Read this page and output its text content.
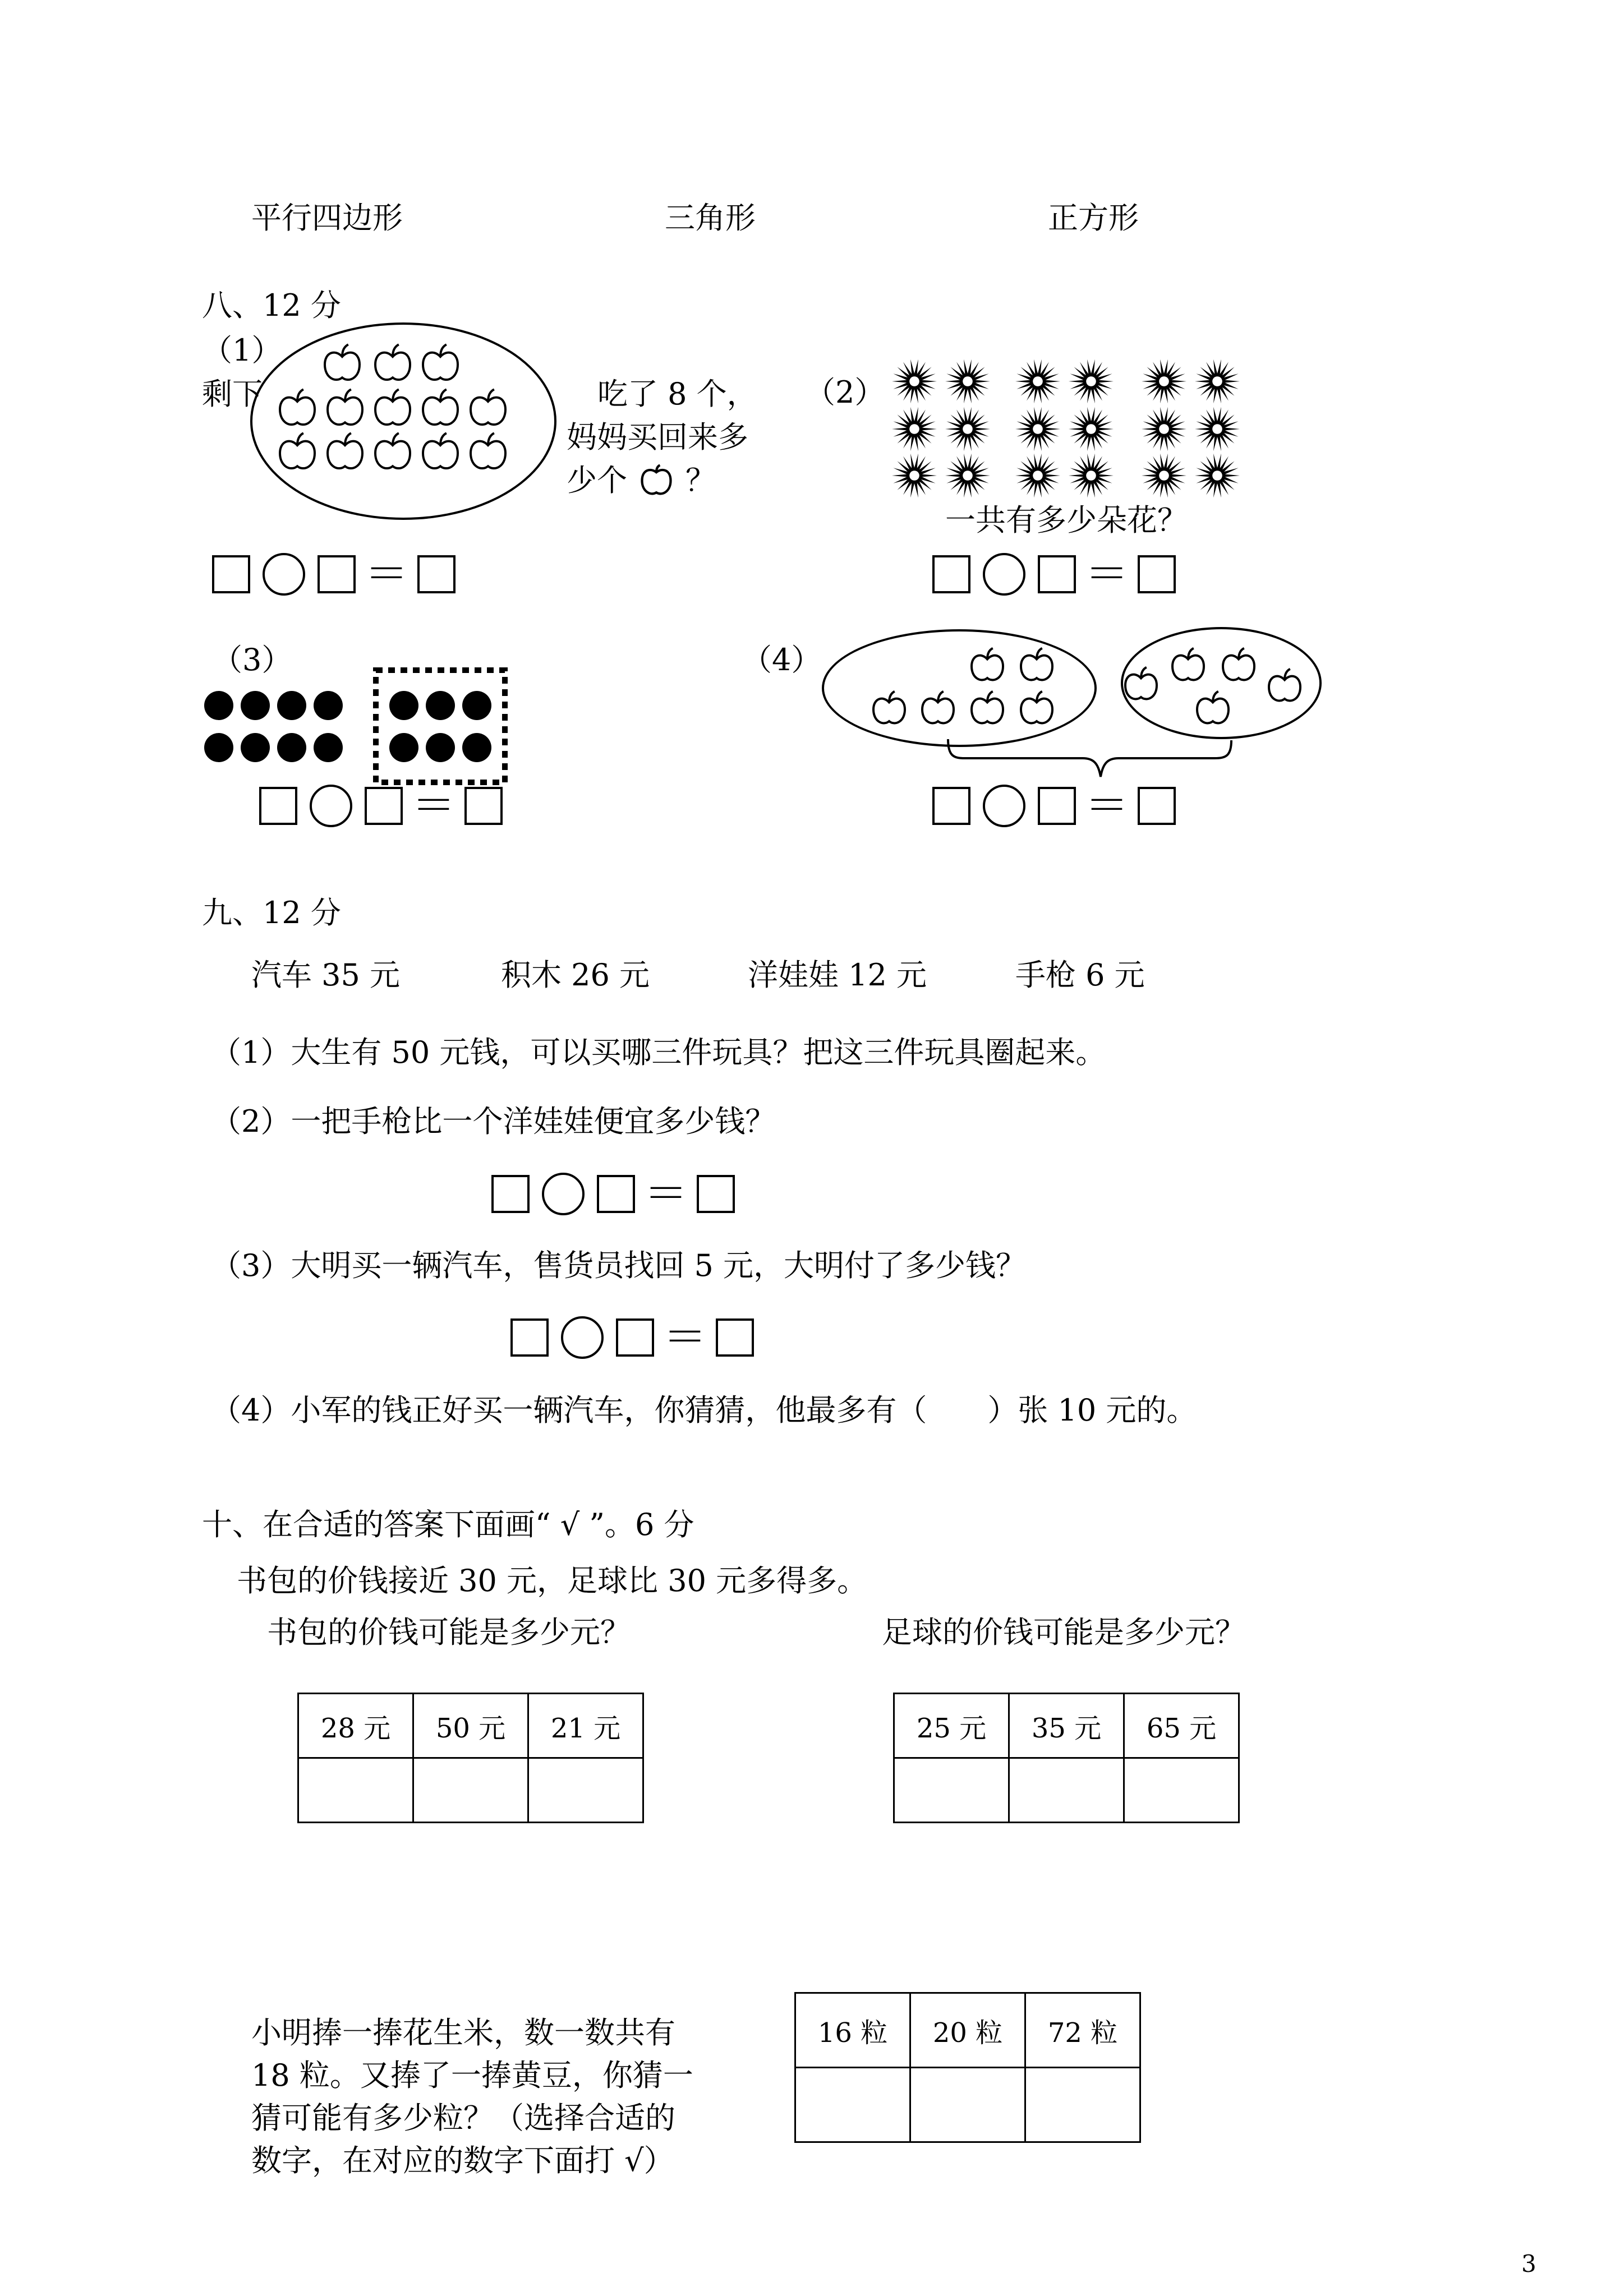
平行四边形	三角形	正方形
八、12 分
（1）
剩下	吃了 8 个，
妈妈买回来多
少个 ？
＝
（2）
一共有多少朵花？
＝
（3）
＝
（4）
＝
九、12 分
汽车 35 元	积木 26 元	洋娃娃 12 元	手枪 6 元
（1）大生有 50 元钱，可以买哪三件玩具？把这三件玩具圈起来。
（2）一把手枪比一个洋娃娃便宜多少钱？
＝
（3）大明买一辆汽车，售货员找回 5 元，大明付了多少钱？
＝
（4）小军的钱正好买一辆汽车，你猜猜，他最多有（　　）张 10 元的。
十、在合适的答案下面画“ √ ”。6 分
书包的价钱接近 30 元，足球比 30 元多得多。
书包的价钱可能是多少元？	足球的价钱可能是多少元？
28 元	50 元	21 元
			25 元	35 元	65 元

小明捧一捧花生米，数一数共有
18 粒。又捧了一捧黄豆，你猜一
猜可能有多少粒？（选择合适的
数字，在对应的数字下面打 √）
16 粒	20 粒	72 粒

3
